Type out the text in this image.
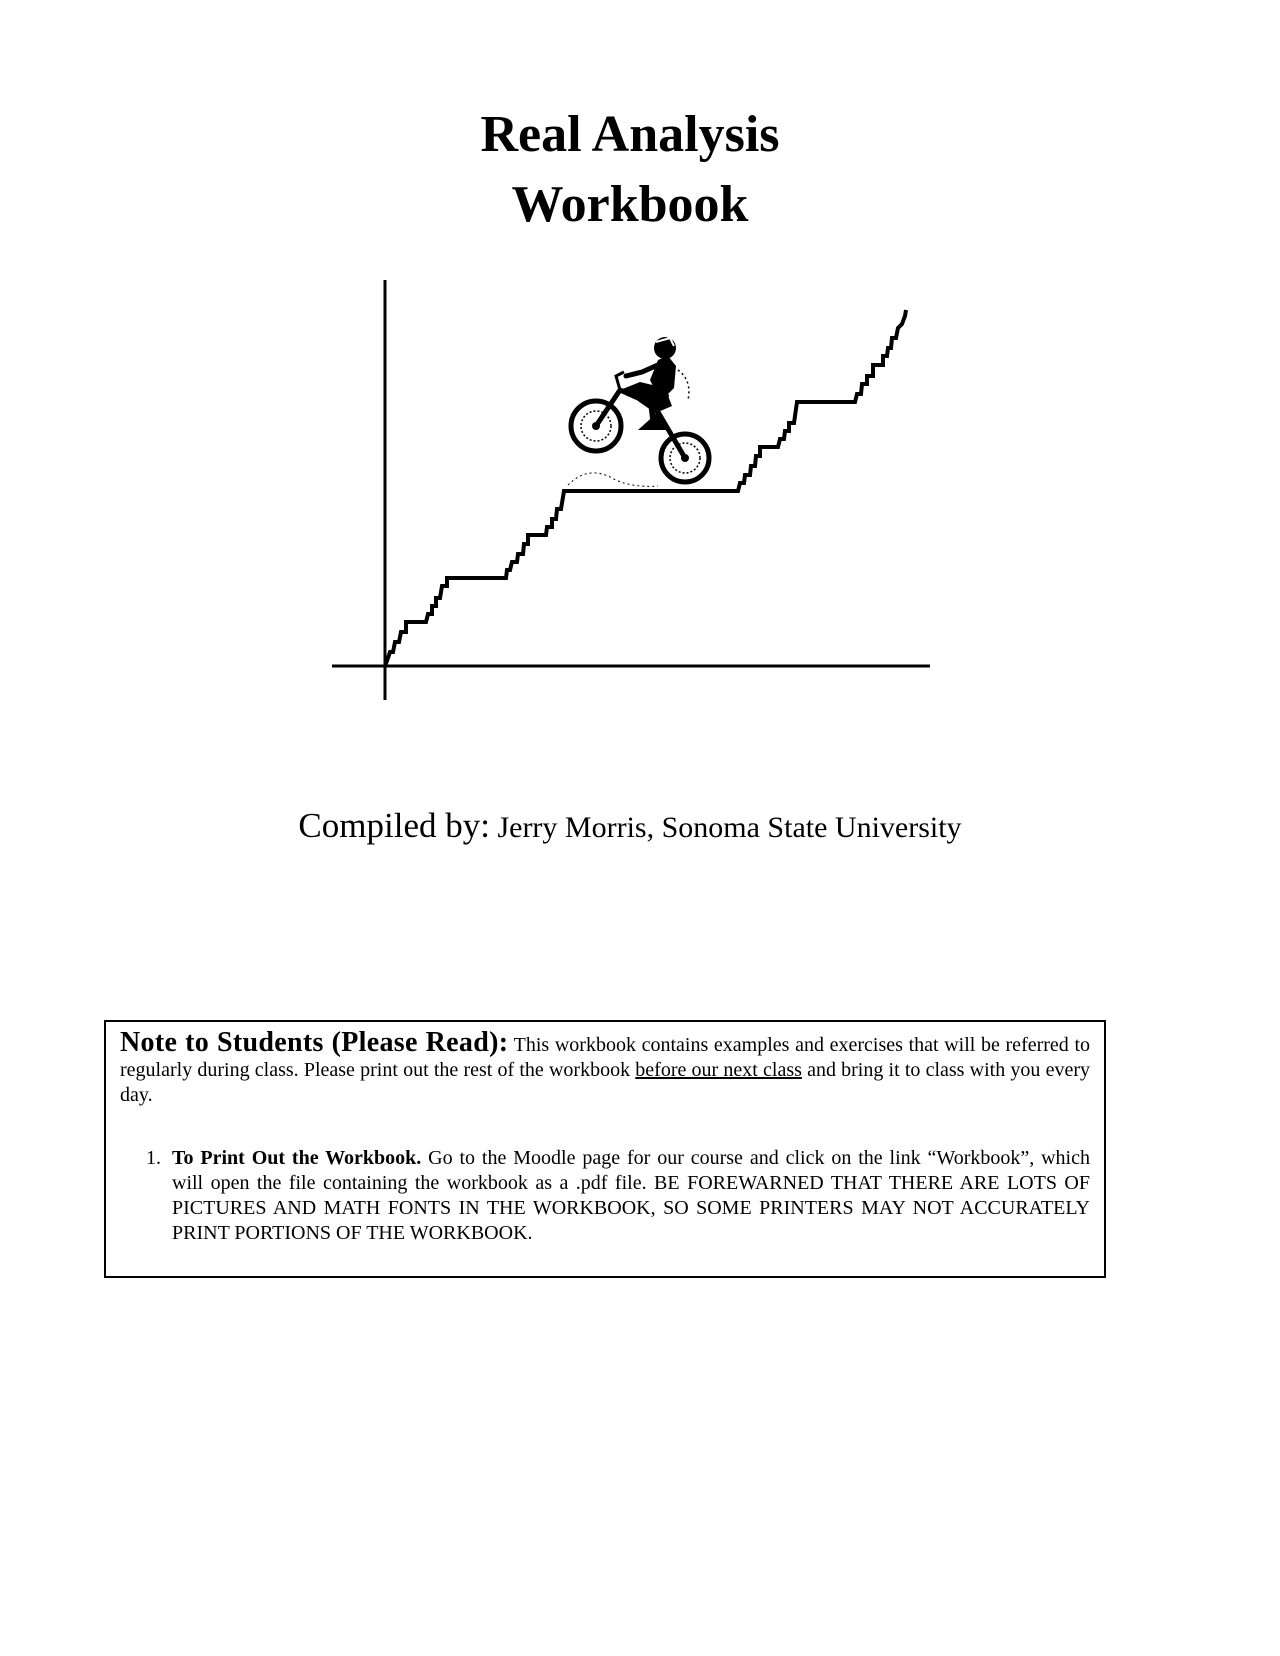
Real Analysis
Workbook
Compiled by: Jerry Morris, Sonoma State University
Note to Students (Please Read): This workbook contains examples and exercises that will be referred to regularly during class. Please print out the rest of the workbook before our next class and bring it to class with you every day.
1. To Print Out the Workbook. Go to the Moodle page for our course and click on the link “Workbook”, which will open the file containing the workbook as a .pdf file. BE FOREWARNED THAT THERE ARE LOTS OF PICTURES AND MATH FONTS IN THE WORKBOOK, SO SOME PRINTERS MAY NOT ACCURATELY PRINT PORTIONS OF THE WORKBOOK.
